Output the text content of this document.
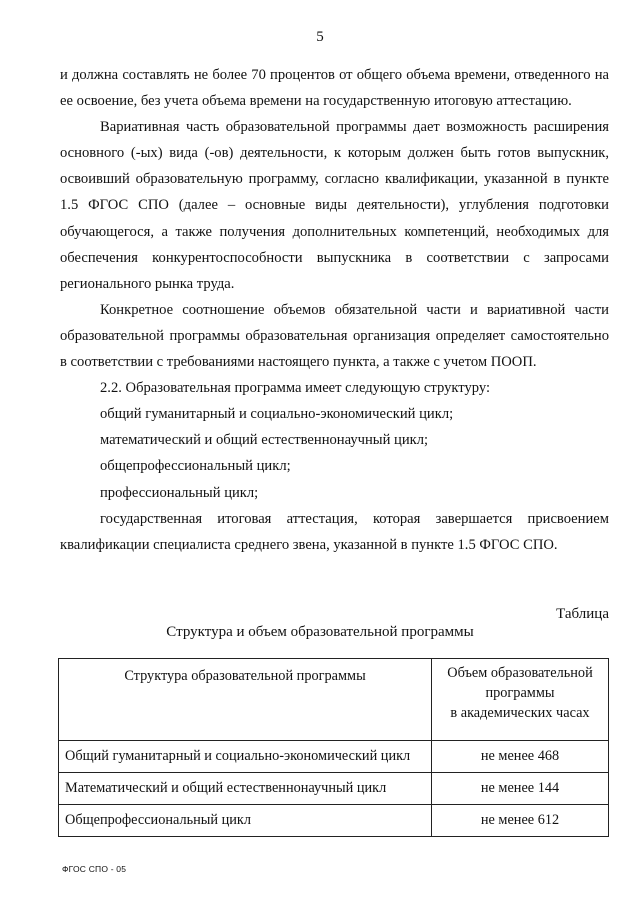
5

и должна составлять не более 70 процентов от общего объема времени, отведенного на ее освоение, без учета объема времени на государственную итоговую аттестацию.

Вариативная часть образовательной программы дает возможность расширения основного (-ых) вида (-ов) деятельности, к которым должен быть готов выпускник, освоивший образовательную программу, согласно квалификации, указанной в пункте 1.5 ФГОС СПО (далее – основные виды деятельности), углубления подготовки обучающегося, а также получения дополнительных компетенций, необходимых для обеспечения конкурентоспособности выпускника в соответствии с запросами регионального рынка труда.

Конкретное соотношение объемов обязательной части и вариативной части образовательной программы образовательная организация определяет самостоятельно в соответствии с требованиями настоящего пункта, а также с учетом ПООП.

2.2. Образовательная программа имеет следующую структуру:

общий гуманитарный и социально-экономический цикл;

математический и общий естественнонаучный цикл;

общепрофессиональный цикл;

профессиональный цикл;

государственная итоговая аттестация, которая завершается присвоением квалификации специалиста среднего звена, указанной в пункте 1.5 ФГОС СПО.

Таблица
Структура и объем образовательной программы
Структура образовательной программы	Объем образовательной
программы
в академических часах

Общий гуманитарный и социально-экономический цикл	не менее 468
Математический и общий естественнонаучный цикл	не менее 144
Общепрофессиональный цикл	не менее 612
ФГОС СПО - 05
